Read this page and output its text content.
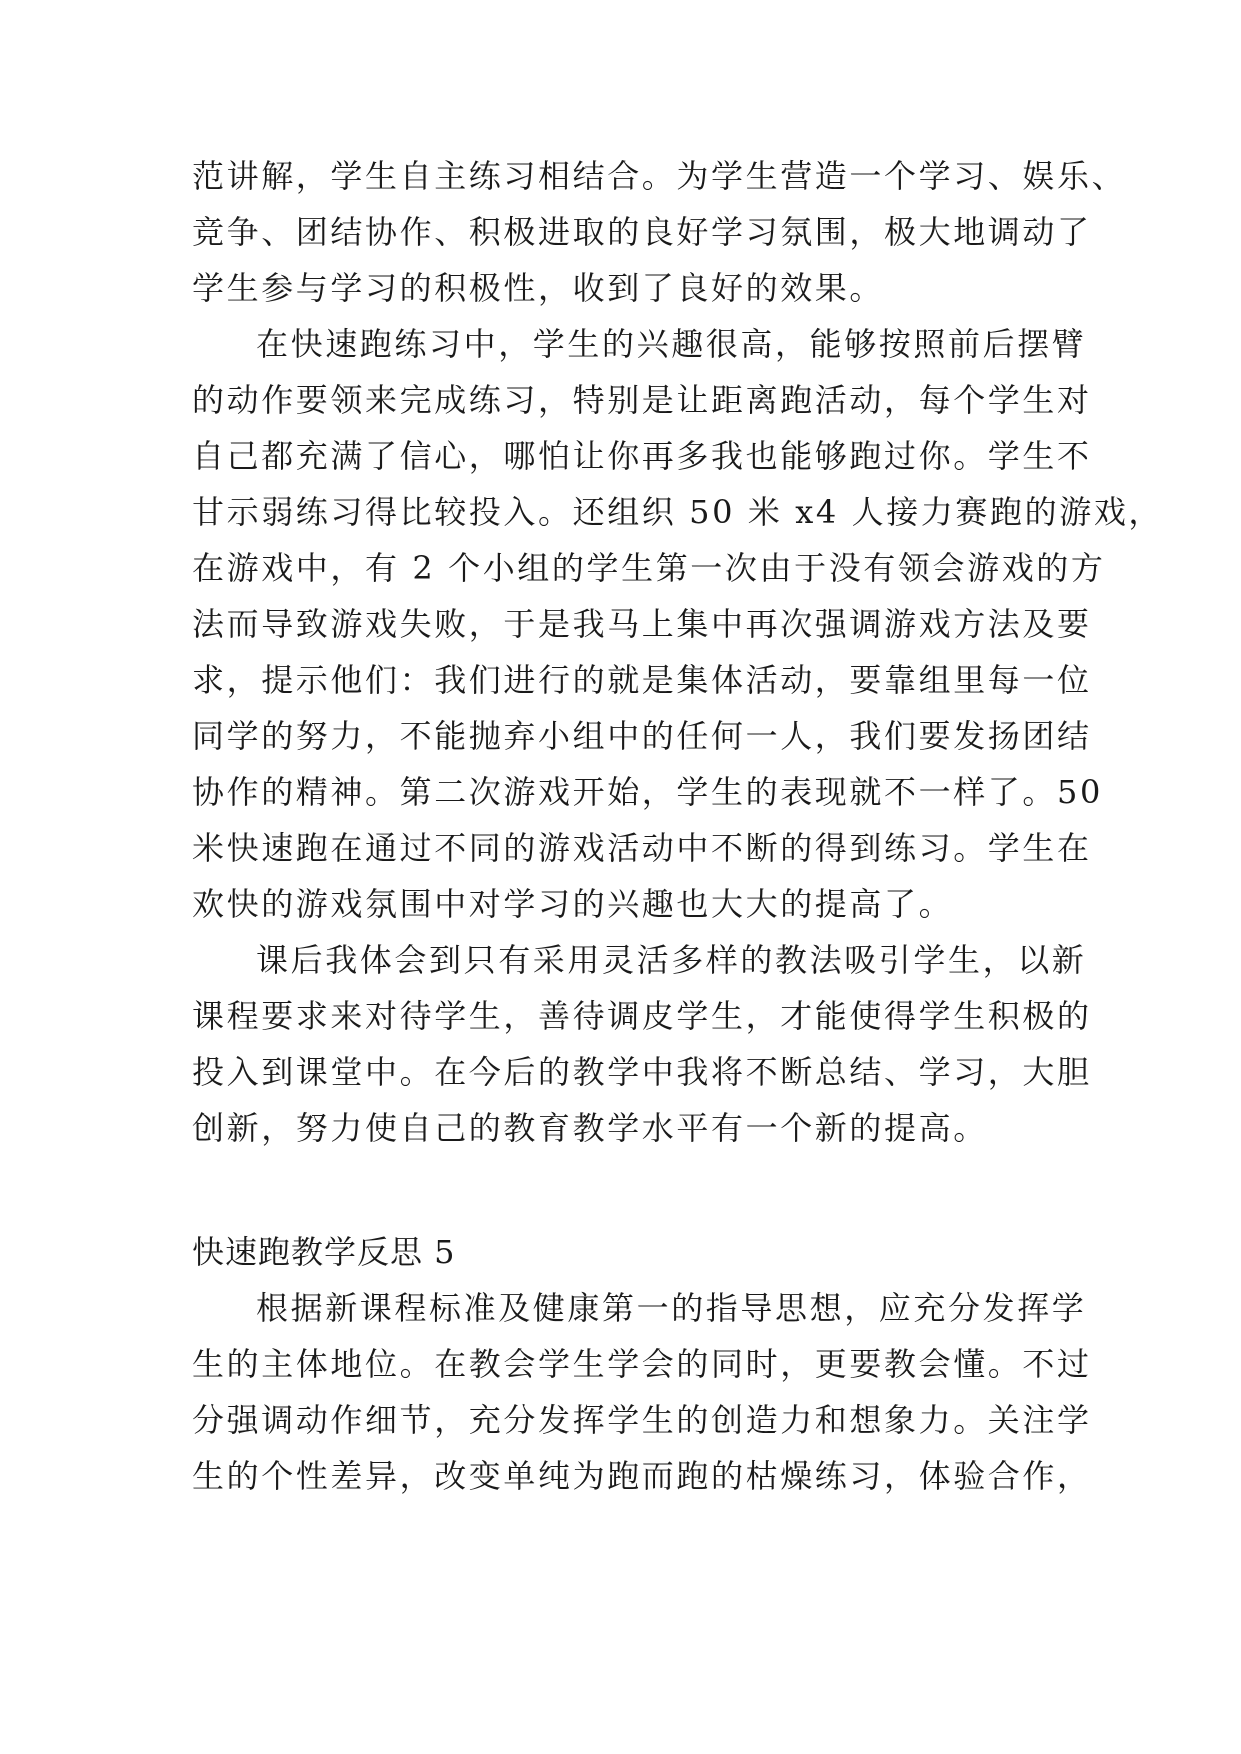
范讲解，学生自主练习相结合。为学生营造一个学习、娱乐、
竞争、团结协作、积极进取的良好学习氛围，极大地调动了
学生参与学习的积极性，收到了良好的效果。
在快速跑练习中，学生的兴趣很高，能够按照前后摆臂
的动作要领来完成练习，特别是让距离跑活动，每个学生对
自己都充满了信心，哪怕让你再多我也能够跑过你。学生不
甘示弱练习得比较投入。还组织 50 米 x4 人接力赛跑的游戏，
在游戏中，有 2 个小组的学生第一次由于没有领会游戏的方
法而导致游戏失败，于是我马上集中再次强调游戏方法及要
求，提示他们：我们进行的就是集体活动，要靠组里每一位
同学的努力，不能抛弃小组中的任何一人，我们要发扬团结
协作的精神。第二次游戏开始，学生的表现就不一样了。50
米快速跑在通过不同的游戏活动中不断的得到练习。学生在
欢快的游戏氛围中对学习的兴趣也大大的提高了。
课后我体会到只有采用灵活多样的教法吸引学生，以新
课程要求来对待学生，善待调皮学生，才能使得学生积极的
投入到课堂中。在今后的教学中我将不断总结、学习，大胆
创新，努力使自己的教育教学水平有一个新的提高。
快速跑教学反思 5
根据新课程标准及健康第一的指导思想，应充分发挥学
生的主体地位。在教会学生学会的同时，更要教会懂。不过
分强调动作细节，充分发挥学生的创造力和想象力。关注学
生的个性差异，改变单纯为跑而跑的枯燥练习，体验合作，
